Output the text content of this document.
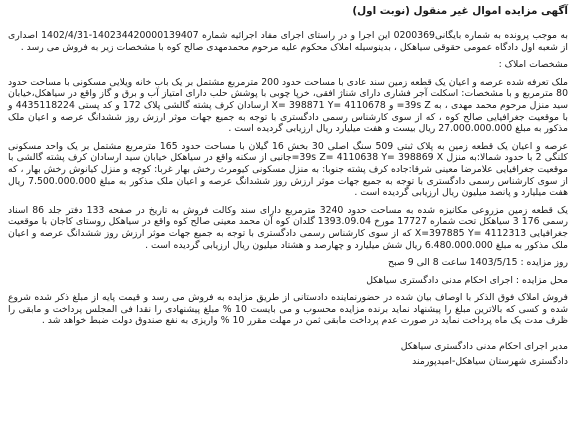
آگهی مزایده اموال غیر منقول (نوبت اول)
به موجب پرونده به شماره بایگانی0200369 این اجرا و در راستای اجرای مفاد اجرائیه شماره 140234420000139407-1402/4/31 اصداری از شعبه اول دادگاه عمومی حقوقی سیاهکل ، بدینوسیله املاک محکوم علیه مرحوم محمدمهدی صالح کوه با مشخصات زیر به فروش می رسد .
مشخصات املاک :
ملک تعرفه شده عرصه و اعیان یک قطعه زمین سند عادی با مساحت حدود 200 مترمربع مشتمل بر یک باب خانه ویلایی مسکونی با مساحت حدود 80 مترمربع و با مشخصات: اسکلت آجر فشاری دارای شناژ افقی، خرپا چوبی با پوشش حلب دارای امتیاز آب و برق و گاز واقع در سیاهکل،خیابان سید منزل مرحوم محمد مهدی ، به 39s Z= و X= 398871 Y= 4110678 ارسادان کرف پشته گالشی پلاک 172 و کد پستی 4435118224 و با موقعیت جغرافیایی صالح کوه ، که از سوی کارشناس رسمی دادگستری با توجه به جمیع جهات موثر ارزش روز ششدانگ عرصه و اعیان ملک مذکور به مبلغ 27.000.000.000 ریال بیست و هفت میلیارد ریال ارزیابی گردیده است .
عرصه و اعیان یک قطعه زمین به پلاک ثبتی 509 سنگ اصلی 30 بخش 16 گیلان با مساحت حدود 165 مترمربع مشتمل بر یک واحد مسکونی کلنگی 2 با حدود شمالا:به منزل 39s Z= 4110638 Y= 398869 X=جانبی از سکنه واقع در سیاهکل خیابان سید ارسادان کرف پشته گالشی با موقعیت جغرافیایی علامرضا معینی شرقا:جاده کرف پشته جنوبا: به منزل مسکونی کیومرث رخش بهار غربا: کوچه و منزل کیانوش رخش بهار ، که از سوی کارشناس رسمی دادگستری با توجه به جمیع جهات موثر ارزش روز ششدانگ عرصه و اعیان ملک مذکور به مبلغ 7.500.000.000 ریال هفت میلیارد و پانصد میلیون ریال ارزیابی گردیده است .
یک قطعه زمین مزروعی مکانیزه شده به مساحت حدود 3240 مترمربع دارای سند وکالت فروش به تاریخ در صفحه 133 دفتر جلد 86 اسناد رسمی 176 3 سیاهکل تحت شماره 17727 مورخ 1393.09.04 گلدان کوه آن محمد معینی صالح کوه واقع در سیاهکل روستای کاجان با موقعیت جغرافیایی X=397885 Y= 4112313 که از سوی کارشناس رسمی دادگستری با توجه به جمیع جهات موثر ارزش روز ششدانگ عرصه و اعیان ملک مذکور به مبلغ 6.480.000.000 ریال شش میلیارد و چهارصد و هشتاد میلیون ریال ارزیابی گردیده است .
روز مزایده : 1403/5/15 ساعت 8 الی 9 صبح
محل مزایده : اجرای احکام مدنی دادگستری سیاهکل
فروش املاک فوق الذکر با اوصاف بیان شده در حضورنماینده دادستانی از طریق مزایده به فروش می رسد و قیمت پایه از مبلغ ذکر شده شروع شده و کسی که بالاترین مبلغ را پیشنهاد نماید برنده مزایده محسوب و می بایست 10 % مبلغ پیشنهادی را نقدا فی المجلس پرداخت و مابقی را ظرف مدت یک ماه پرداخت نماید در صورت عدم پرداخت مابقی ثمن در مهلت مقرر 10 % واریزی به نفع صندوق دولت ضبط خواهد شد .
مدیر اجرای احکام مدنی دادگستری سیاهکل
دادگستری شهرستان سیاهکل-امیدپورمند
